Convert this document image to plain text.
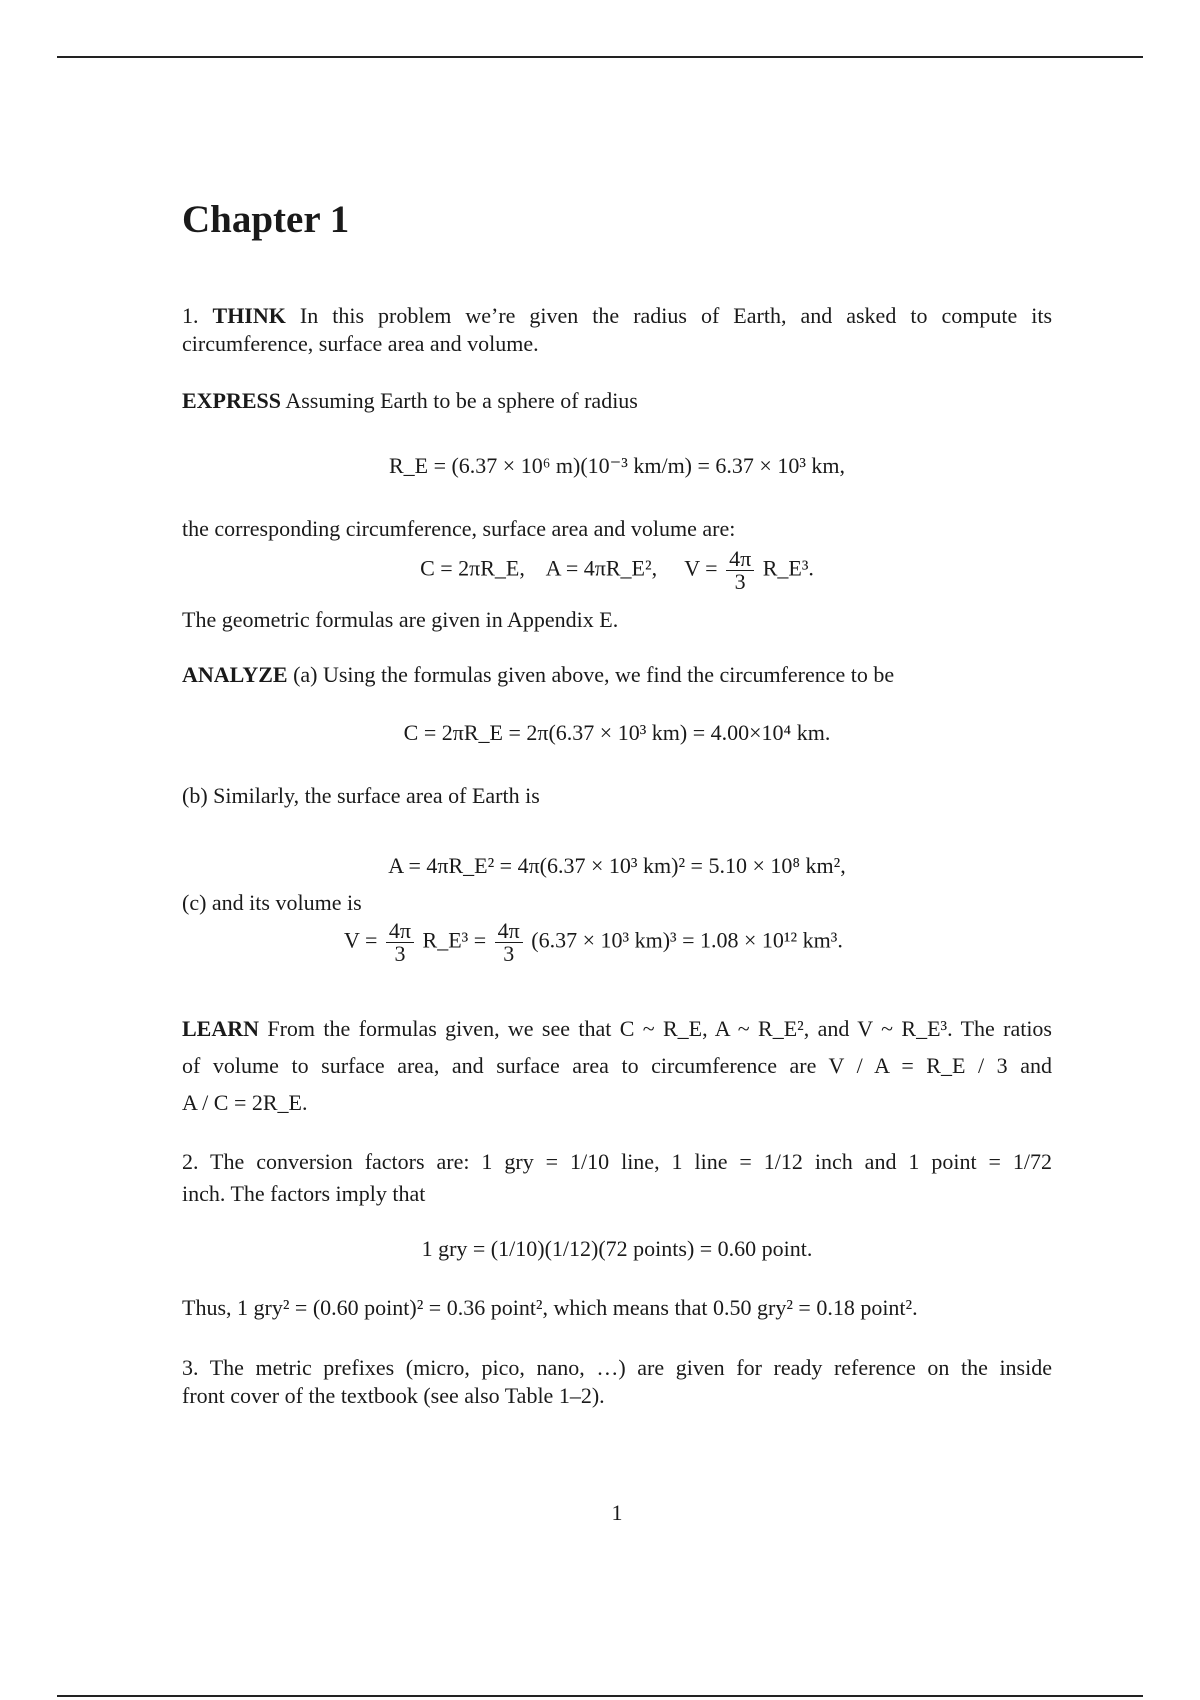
Chapter 1
1. THINK In this problem we’re given the radius of Earth, and asked to compute its
circumference, surface area and volume.
EXPRESS Assuming Earth to be a sphere of radius
R_E = (6.37 × 10⁶ m)(10⁻³ km/m) = 6.37 × 10³ km,
the corresponding circumference, surface area and volume are:
C = 2πR_E, A = 4πR_E², $V = \frac{4\pi}{3}$ R_E³.
The geometric formulas are given in Appendix E.
ANALYZE (a) Using the formulas given above, we find the circumference to be
C = 2πR_E = 2π(6.37 × 10³ km) = 4.00×10⁴ km.
(b) Similarly, the surface area of Earth is
A = 4πR_E² = 4π(6.37 × 10³ km)² = 5.10 × 10⁸ km²,
(c) and its volume is
$V = \frac{4\pi}{3}$ R_E³ = $\frac{4\pi}{3} (6.37 \times 10^3$ km)³ = 1.08 × 10¹² km³.
LEARN From the formulas given, we see that C ~ R_E, A ~ R_E², and V ~ R_E³. The ratios
of volume to surface area, and surface area to circumference are V / A = R_E / 3 and
A / C = 2R_E.
2. The conversion factors are: 1 gry = 1/10 line, 1 line = 1/12 inch and 1 point = 1/72
inch. The factors imply that
1 gry = (1/10)(1/12)(72 points) = 0.60 point.
Thus, 1 gry² = (0.60 point)² = 0.36 point², which means that 0.50 gry² = 0.18 point².
3. The metric prefixes (micro, pico, nano, …) are given for ready reference on the inside
front cover of the textbook (see also Table 1–2).
1
